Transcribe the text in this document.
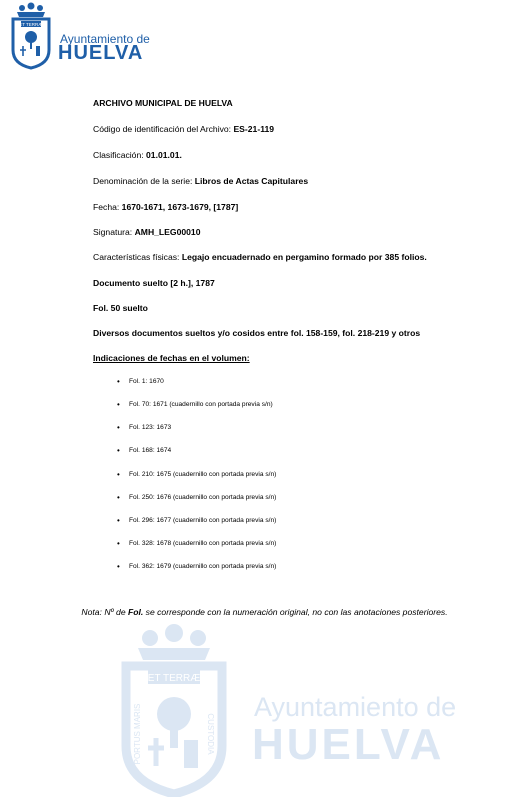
ET TERRÆ
Ayuntamiento de
HUELVA
ARCHIVO MUNICIPAL DE HUELVA
Código de identificación del Archivo: ES-21-119
Clasificación: 01.01.01.
Denominación de la serie: Libros de Actas Capitulares
Fecha: 1670-1671, 1673-1679, [1787]
Signatura: AMH_LEG00010
Características físicas: Legajo encuadernado en pergamino formado por 385 folios.
Documento suelto [2 h.], 1787
Fol. 50 suelto
Diversos documentos sueltos y/o cosidos entre fol. 158-159, fol. 218-219 y otros
Indicaciones de fechas en el volumen:
• Fol. 1: 1670
• Fol. 70: 1671 (cuadernillo con portada previa s/n)
• Fol. 123: 1673
• Fol. 168: 1674
• Fol. 210: 1675 (cuadernillo con portada previa s/n)
• Fol. 250: 1676 (cuadernillo con portada previa s/n)
• Fol. 296: 1677 (cuadernillo con portada previa s/n)
• Fol. 328: 1678 (cuadernillo con portada previa s/n)
• Fol. 362: 1679 (cuadernillo con portada previa s/n)
Nota: Nº de Fol. se corresponde con la numeración original, no con las anotaciones posteriores.
ET TERRÆ
PORTUS MARIS	CUSTODIA
Ayuntamiento de
HUELVA
